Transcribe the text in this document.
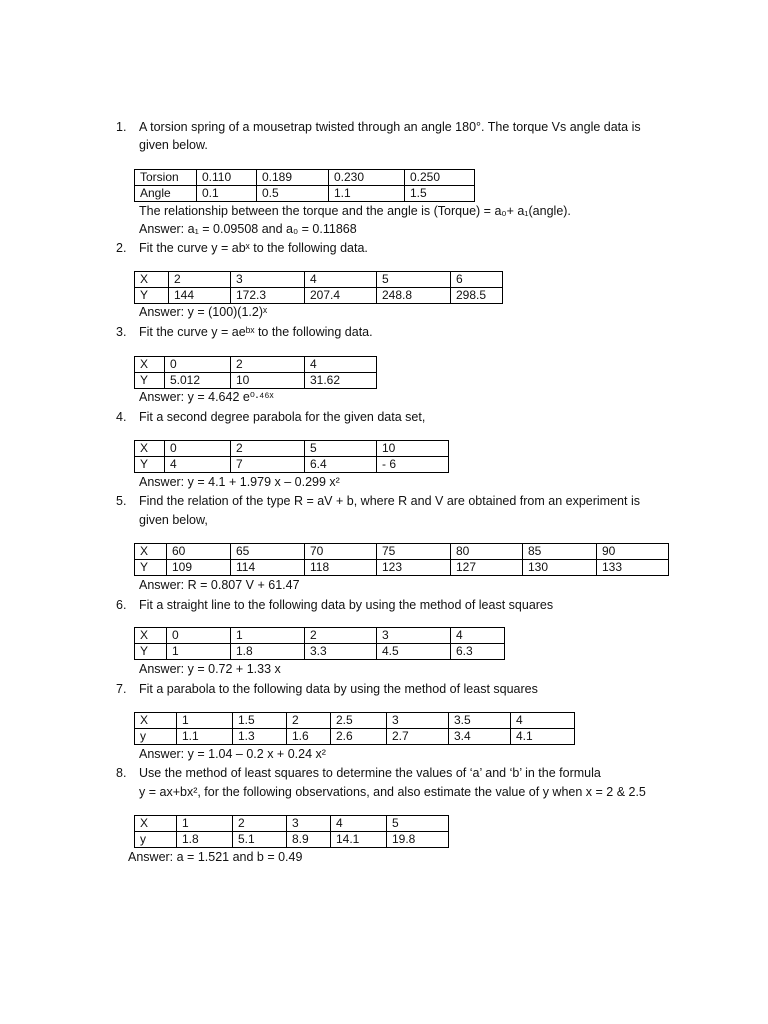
1. A torsion spring of a mousetrap twisted through an angle 180°. The torque Vs angle data is
given below.
Torsion	0.110	0.189	0.230	0.250
Angle	0.1	0.5	1.1	1.5
The relationship between the torque and the angle is (Torque) = a₀+ a₁(angle).
Answer: a₁ = 0.09508 and a₀ = 0.11868
2. Fit the curve y = abˣ to the following data.
X	2	3	4	5	6
Y	144	172.3	207.4	248.8	298.5
Answer: y = (100)(1.2)ˣ
3. Fit the curve y = aeᵇˣ to the following data.
X	0	2	4
Y	5.012	10	31.62
Answer: y = 4.642 e⁰·⁴⁶ˣ
4. Fit a second degree parabola for the given data set,
X	0	2	5	10
Y	4	7	6.4	- 6
Answer: y = 4.1 + 1.979 x – 0.299 x²
5. Find the relation of the type R = aV + b, where R and V are obtained from an experiment is
given below,
X	60	65	70	75	80	85	90
Y	109	114	118	123	127	130	133
Answer: R = 0.807 V + 61.47
6. Fit a straight line to the following data by using the method of least squares
X	0	1	2	3	4
Y	1	1.8	3.3	4.5	6.3
Answer: y = 0.72 + 1.33 x
7. Fit a parabola to the following data by using the method of least squares
X	1	1.5	2	2.5	3	3.5	4
y	1.1	1.3	1.6	2.6	2.7	3.4	4.1
Answer: y = 1.04 – 0.2 x + 0.24 x²
8. Use the method of least squares to determine the values of ‘a’ and ‘b’ in the formula
y = ax+bx², for the following observations, and also estimate the value of y when x = 2 & 2.5
X	1	2	3	4	5
y	1.8	5.1	8.9	14.1	19.8
Answer: a = 1.521 and b = 0.49
